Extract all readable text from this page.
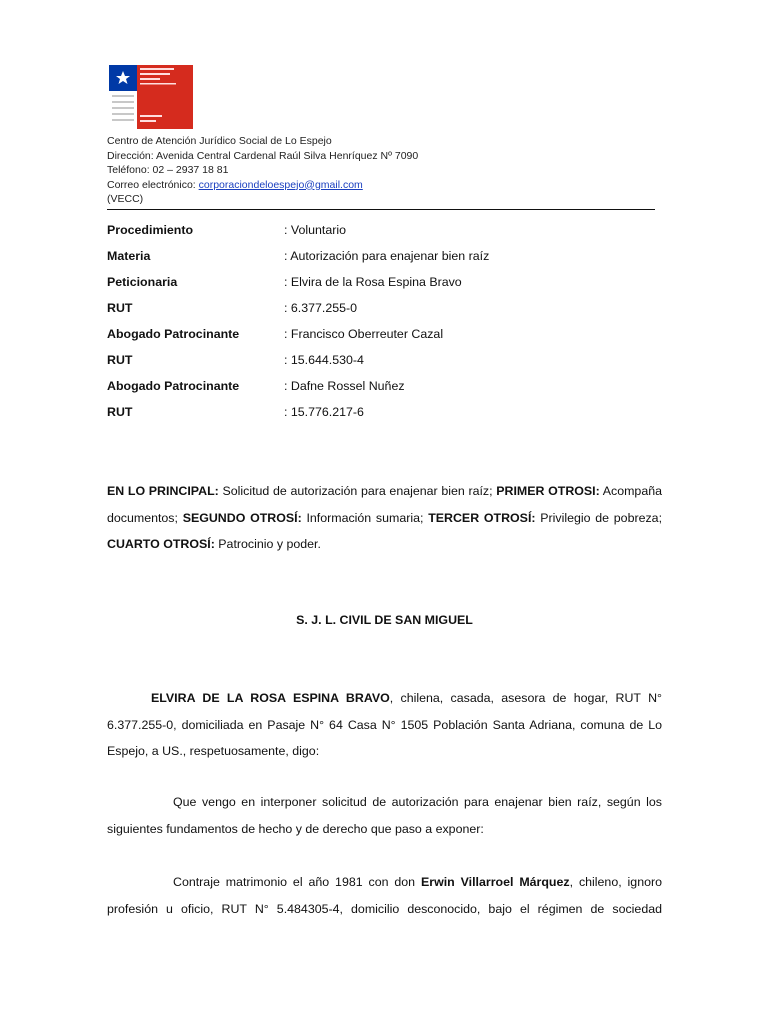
Centro de Atención Jurídico Social de Lo Espejo
Dirección: Avenida Central Cardenal Raúl Silva Henríquez Nº 7090
Teléfono: 02 – 2937 18 81
Correo electrónico: corporaciondeloespejo@gmail.com
(VECC)
Procedimiento	: Voluntario
Materia	: Autorización para enajenar bien raíz
Peticionaria	: Elvira de la Rosa Espina Bravo
RUT	: 6.377.255-0
Abogado Patrocinante	: Francisco Oberreuter Cazal
RUT	: 15.644.530-4
Abogado Patrocinante	: Dafne Rossel Nuñez
RUT	: 15.776.217-6
EN LO PRINCIPAL: Solicitud de autorización para enajenar bien raíz; PRIMER OTROSI: Acompaña
documentos; SEGUNDO OTROSÍ: Información sumaria; TERCER OTROSÍ: Privilegio de pobreza;
CUARTO OTROSÍ: Patrocinio y poder.
S. J. L. CIVIL DE SAN MIGUEL
ELVIRA DE LA ROSA ESPINA BRAVO, chilena, casada, asesora de hogar, RUT N°
6.377.255-0, domiciliada en Pasaje N° 64 Casa N° 1505 Población Santa Adriana, comuna de Lo
Espejo, a US., respetuosamente, digo:
Que vengo en interponer solicitud de autorización para enajenar bien raíz, según los
siguientes fundamentos de hecho y de derecho que paso a exponer:
Contraje matrimonio el año 1981 con don Erwin Villarroel Márquez, chileno, ignoro
profesión u oficio, RUT N° 5.484305-4, domicilio desconocido, bajo el régimen de sociedad
